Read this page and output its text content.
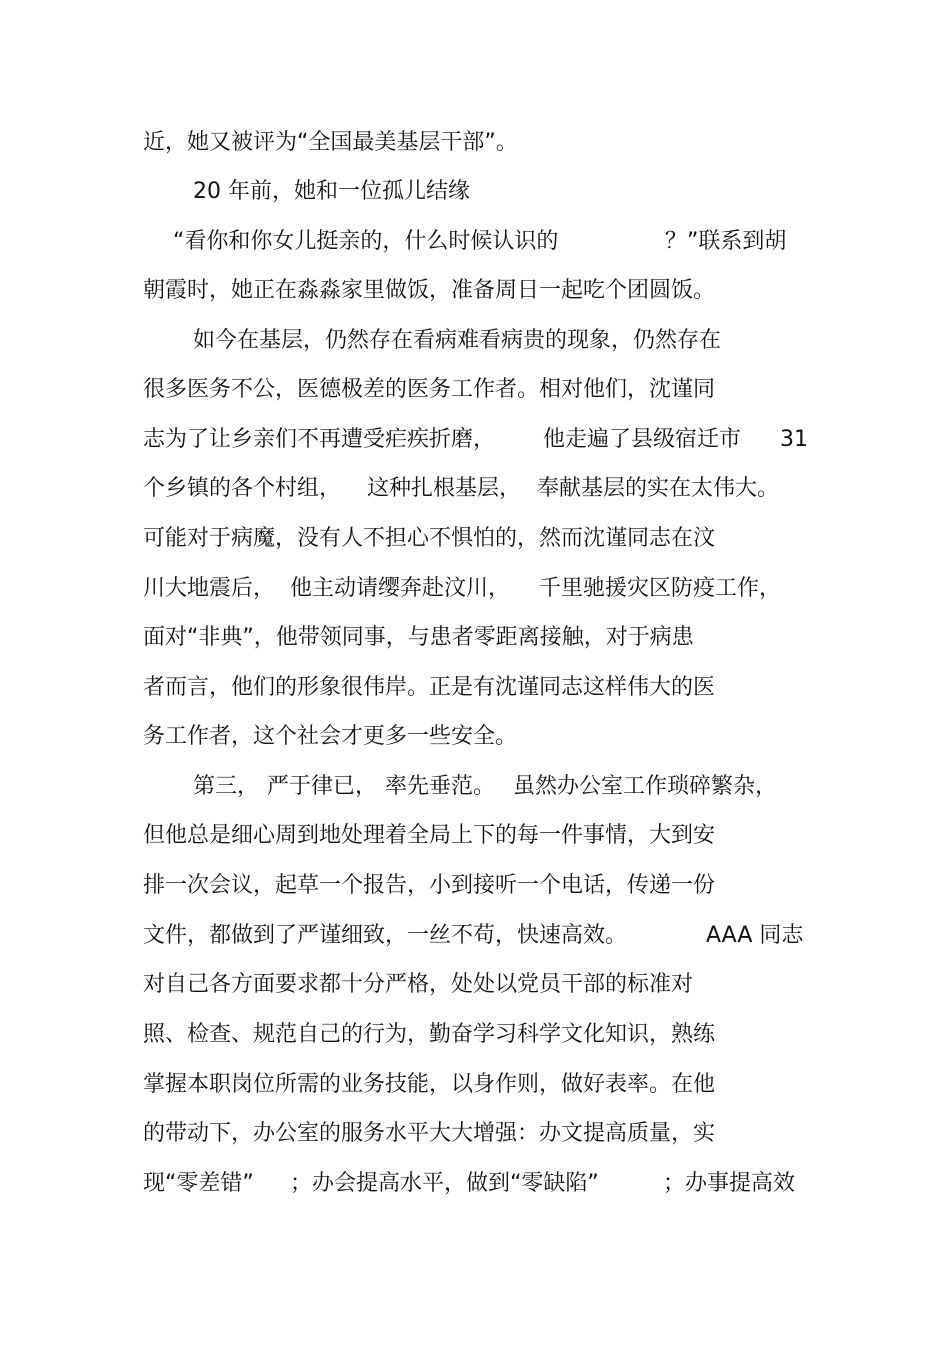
近，她又被评为“全国最美基层干部”。
20 年前，她和一位孤儿结缘
“看你和你女儿挺亲的，什么时候认识的	？”联系到胡
朝霞时，她正在淼淼家里做饭，准备周日一起吃个团圆饭。
如今在基层，仍然存在看病难看病贵的现象，仍然存在
很多医务不公，医德极差的医务工作者。相对他们，沈谨同
志为了让乡亲们不再遭受疟疾折磨， 他走遍了县级宿迁市 31
个乡镇的各个村组， 这种扎根基层， 奉献基层的实在太伟大。
可能对于病魔，没有人不担心不惧怕的，然而沈谨同志在汶
川大地震后， 他主动请缨奔赴汶川， 千里驰援灾区防疫工作，
面对“非典”，他带领同事，与患者零距离接触，对于病患
者而言，他们的形象很伟岸。正是有沈谨同志这样伟大的医
务工作者，这个社会才更多一些安全。
第三， 严于律已， 率先垂范。 虽然办公室工作琐碎繁杂，
但他总是细心周到地处理着全局上下的每一件事情，大到安
排一次会议，起草一个报告，小到接听一个电话，传递一份
文件，都做到了严谨细致，一丝不苟，快速高效。	AAA 同志
对自己各方面要求都十分严格，处处以党员干部的标准对
照、检查、规范自己的行为，勤奋学习科学文化知识，熟练
掌握本职岗位所需的业务技能，以身作则，做好表率。在他
的带动下，办公室的服务水平大大增强：办文提高质量，实
现“零差错” ；办会提高水平，做到“零缺陷”	；办事提高效
